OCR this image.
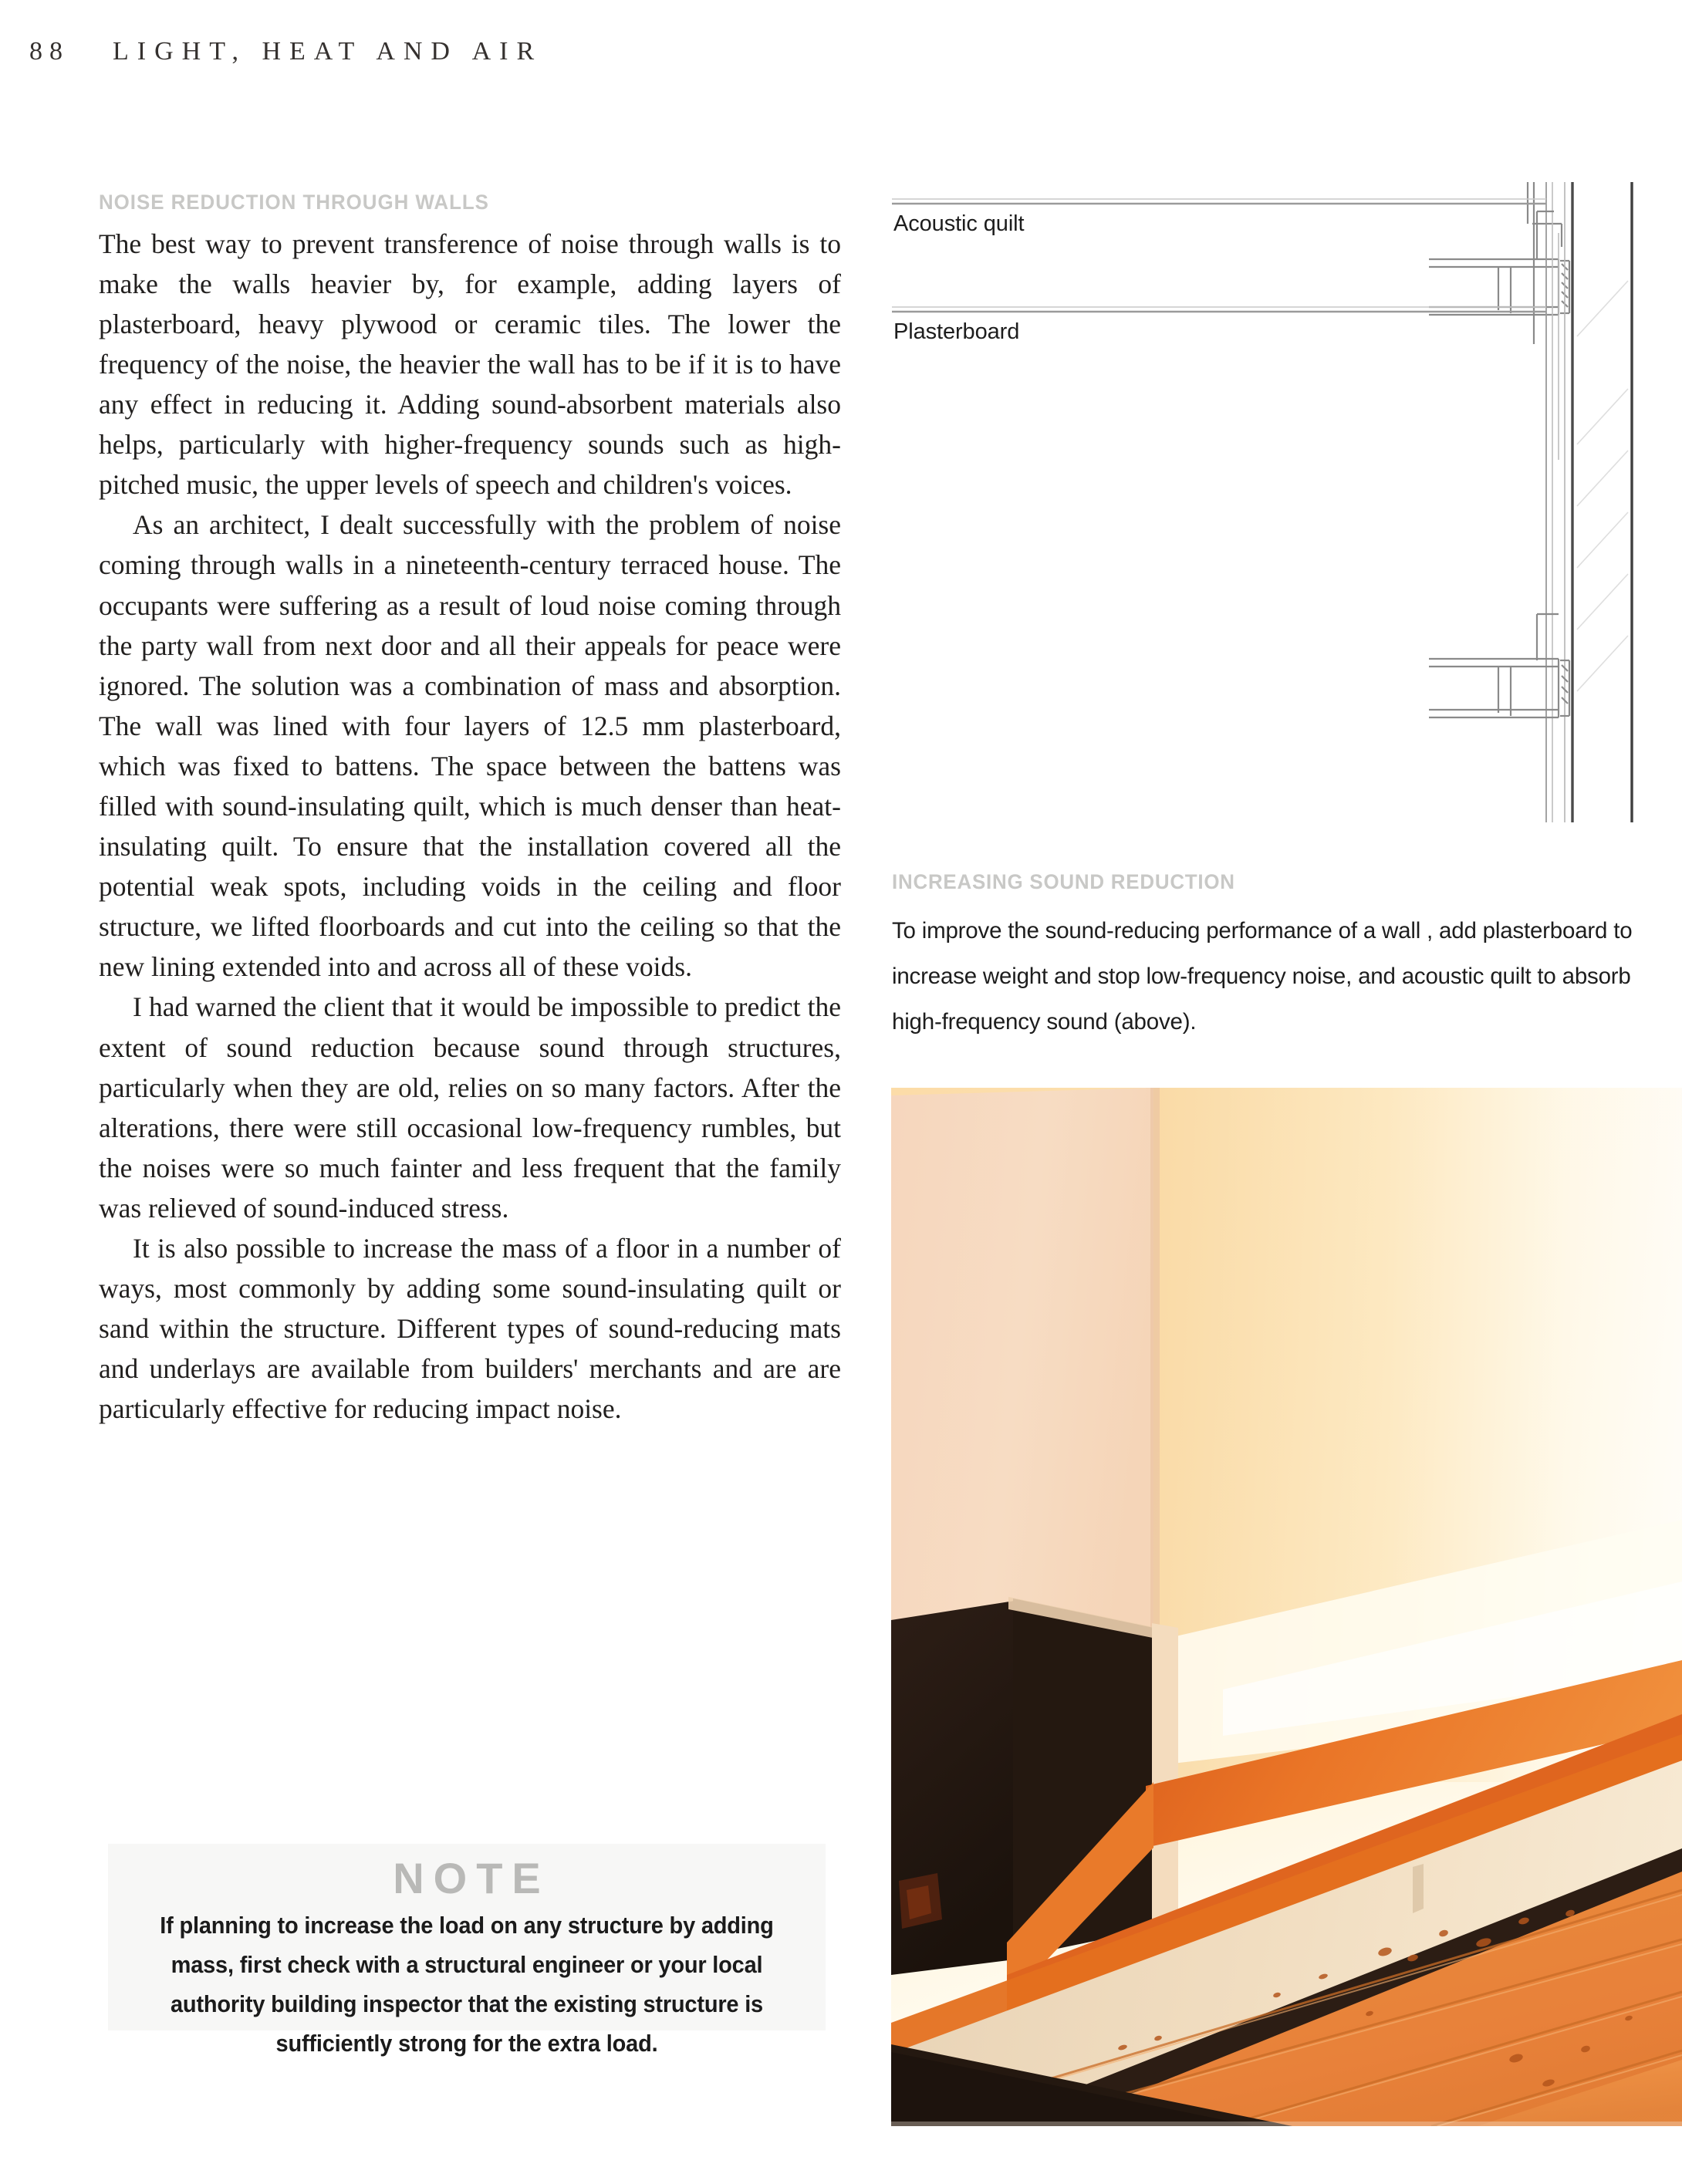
88 LIGHT, HEAT AND AIR
NOISE REDUCTION THROUGH WALLS

The best way to prevent transference of noise through walls is to make the walls heavier by, for example, adding layers of plasterboard, heavy plywood or ceramic tiles. The lower the frequency of the noise, the heavier the wall has to be if it is to have any effect in reducing it. Adding sound-absorbent materials also helps, particularly with higher-frequency sounds such as high-pitched music, the upper levels of speech and children's voices.

As an architect, I dealt successfully with the problem of noise coming through walls in a nineteenth-century terraced house. The occupants were suffering as a result of loud noise coming through the party wall from next door and all their appeals for peace were ignored. The solution was a combination of mass and absorption. The wall was lined with four layers of 12.5 mm plasterboard, which was fixed to battens. The space between the battens was filled with sound-insulating quilt, which is much denser than heat-insulating quilt. To ensure that the installation covered all the potential weak spots, including voids in the ceiling and floor structure, we lifted floorboards and cut into the ceiling so that the new lining extended into and across all of these voids.

I had warned the client that it would be impossible to predict the extent of sound reduction because sound through structures, particularly when they are old, relies on so many factors. After the alterations, there were still occasional low-frequency rumbles, but the noises were so much fainter and less frequent that the family was relieved of sound-induced stress.

It is also possible to increase the mass of a floor in a number of ways, most commonly by adding some sound-insulating quilt or sand within the structure. Different types of sound-reducing mats and underlays are available from builders' merchants and are are particularly effective for reducing impact noise.

NOTE
If planning to increase the load on any structure by adding mass, first check with a structural engineer or your local authority building inspector that the existing structure is sufficiently strong for the extra load.
Acoustic quilt
Plasterboard
INCREASING SOUND REDUCTION

To improve the sound-reducing performance of a wall , add plasterboard to increase weight and stop low-frequency noise, and acoustic quilt to absorb high-frequency sound (above).
